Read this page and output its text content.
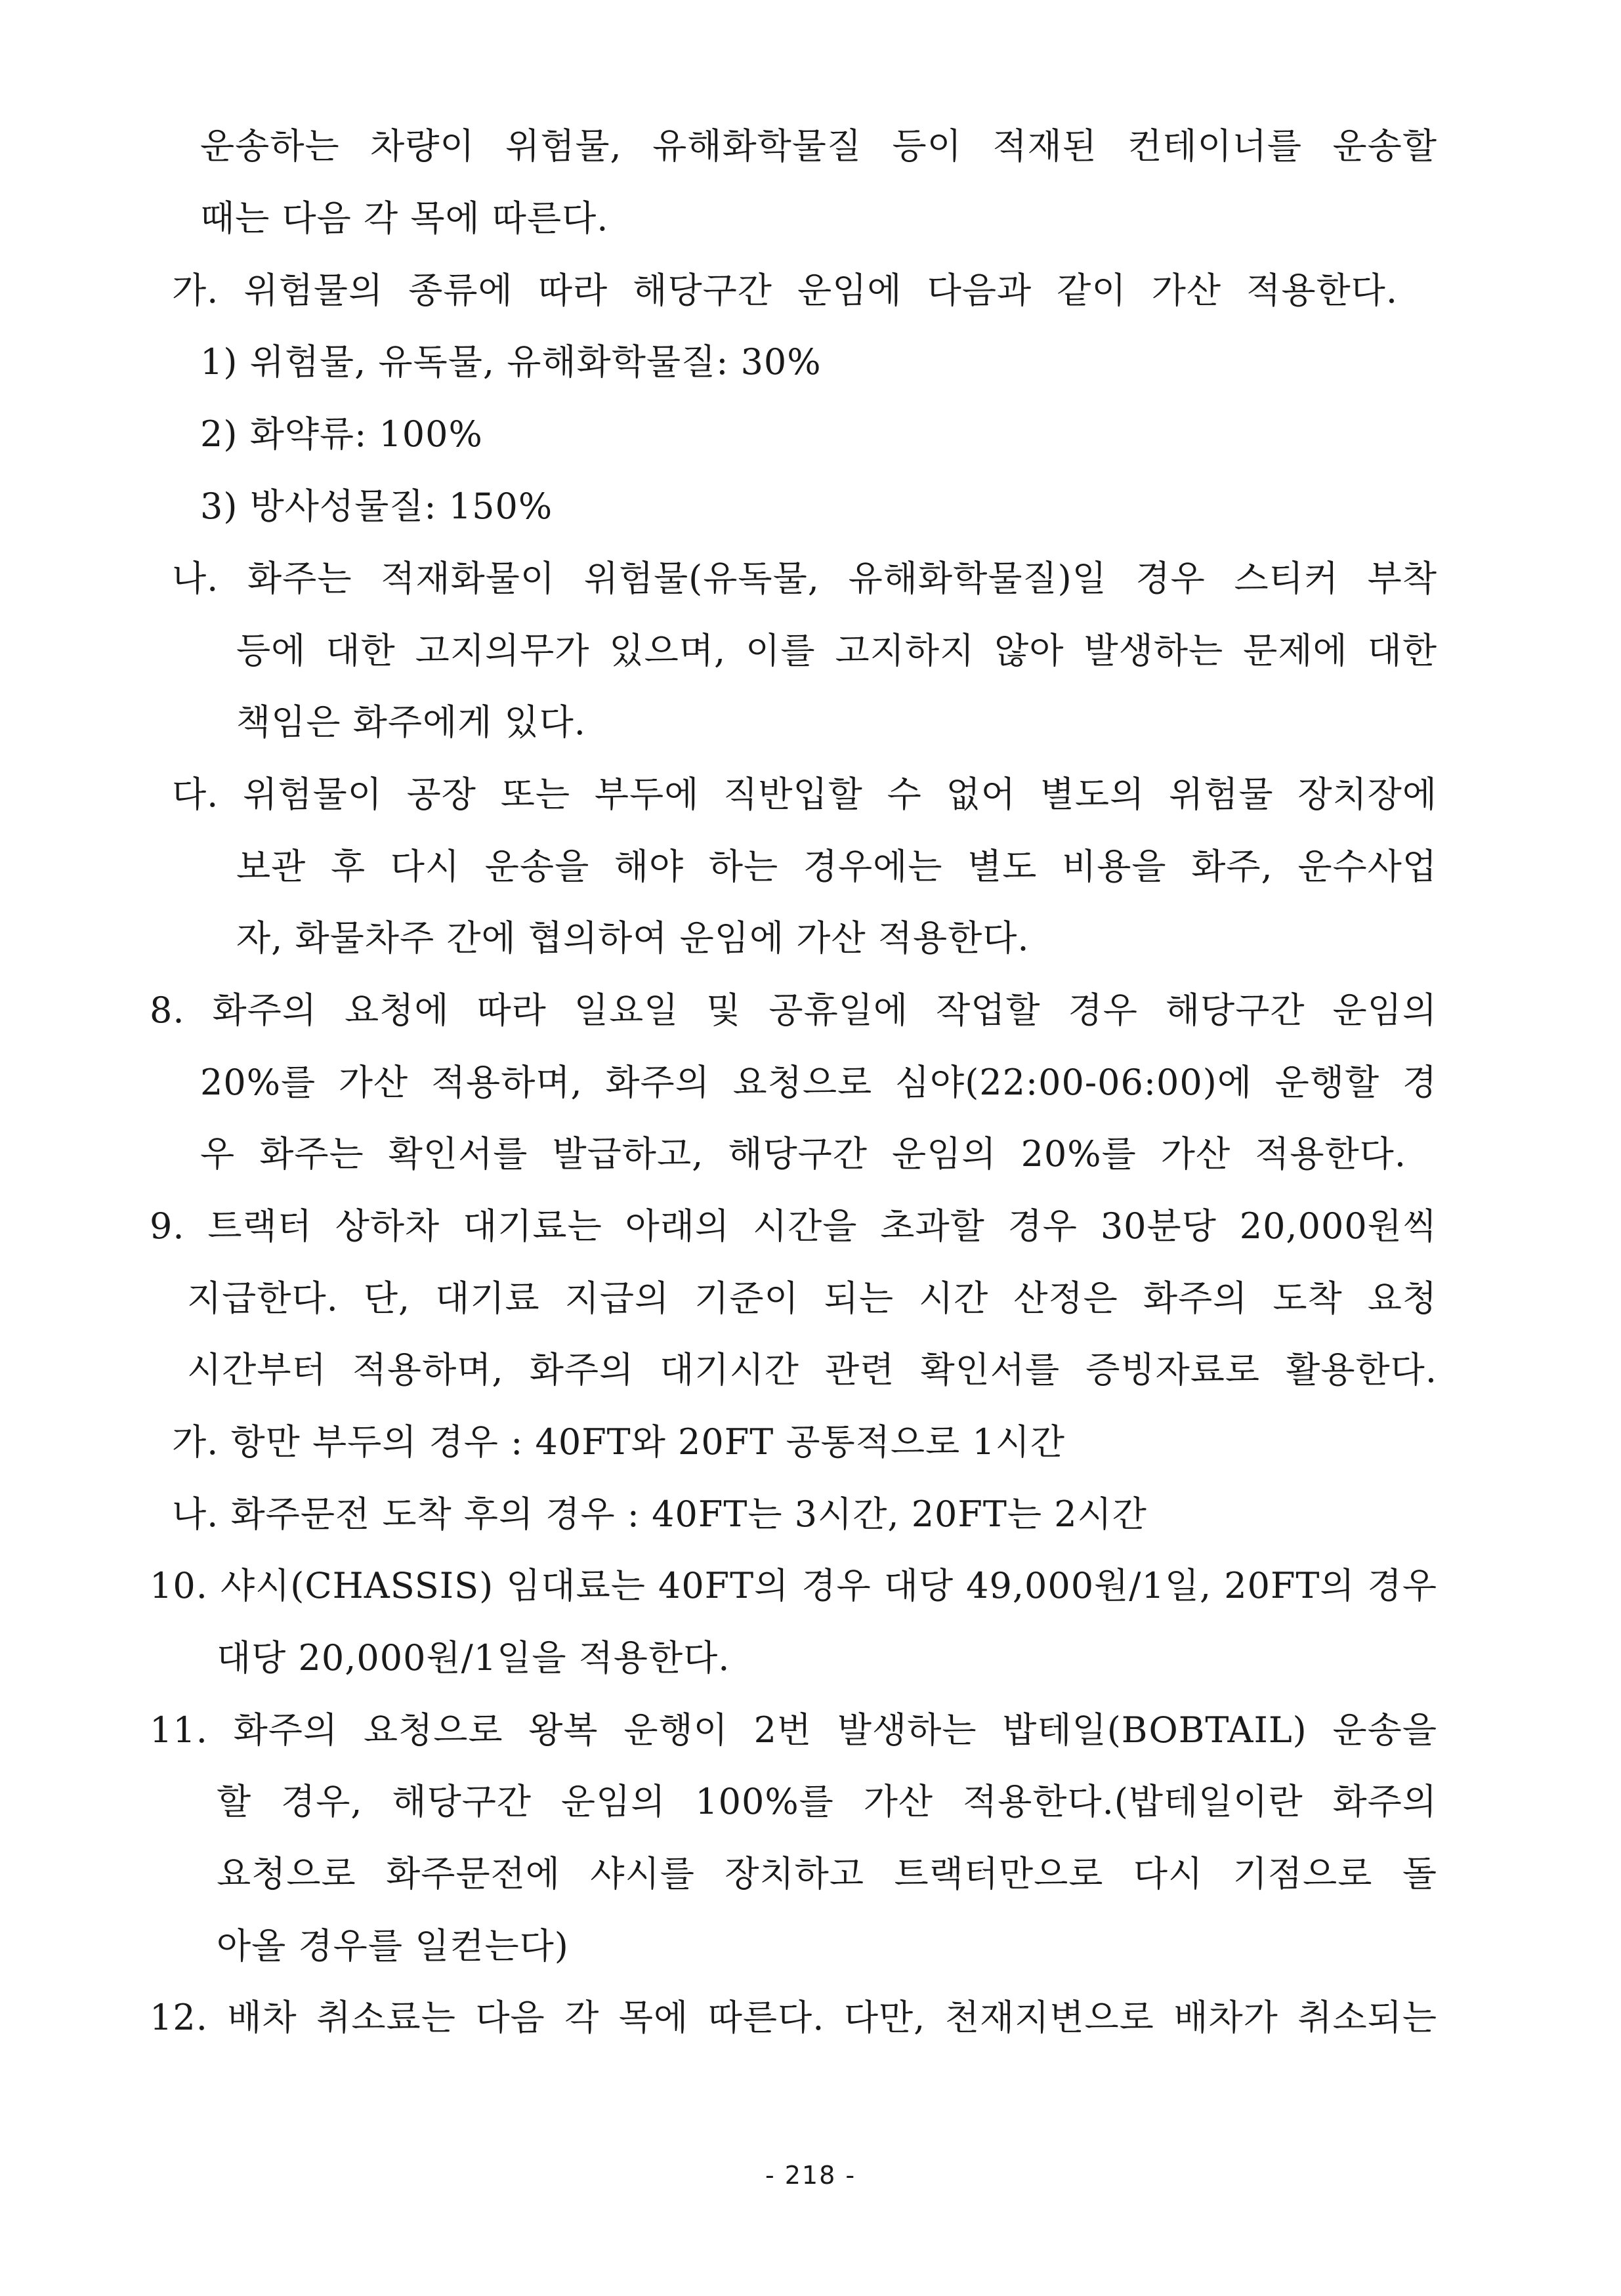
운송하는 차량이 위험물, 유해화학물질 등이 적재된 컨테이너를 운송할
때는 다음 각 목에 따른다.
가. 위험물의 종류에 따라 해당구간 운임에 다음과 같이 가산 적용한다.
1) 위험물, 유독물, 유해화학물질: 30%
2) 화약류: 100%
3) 방사성물질: 150%
나. 화주는 적재화물이 위험물(유독물, 유해화학물질)일 경우 스티커 부착
등에 대한 고지의무가 있으며, 이를 고지하지 않아 발생하는 문제에 대한
책임은 화주에게 있다.
다. 위험물이 공장 또는 부두에 직반입할 수 없어 별도의 위험물 장치장에
보관 후 다시 운송을 해야 하는 경우에는 별도 비용을 화주, 운수사업
자, 화물차주 간에 협의하여 운임에 가산 적용한다.
8. 화주의 요청에 따라 일요일 및 공휴일에 작업할 경우 해당구간 운임의
20%를 가산 적용하며, 화주의 요청으로 심야(22:00-06:00)에 운행할 경
우 화주는 확인서를 발급하고, 해당구간 운임의 20%를 가산 적용한다.
9. 트랙터 상하차 대기료는 아래의 시간을 초과할 경우 30분당 20,000원씩
지급한다. 단, 대기료 지급의 기준이 되는 시간 산정은 화주의 도착 요청
시간부터 적용하며, 화주의 대기시간 관련 확인서를 증빙자료로 활용한다.
가. 항만 부두의 경우 : 40FT와 20FT 공통적으로 1시간
나. 화주문전 도착 후의 경우 : 40FT는 3시간, 20FT는 2시간
10. 샤시(CHASSIS) 임대료는 40FT의 경우 대당 49,000원/1일, 20FT의 경우
대당 20,000원/1일을 적용한다.
11. 화주의 요청으로 왕복 운행이 2번 발생하는 밥테일(BOBTAIL) 운송을
할 경우, 해당구간 운임의 100%를 가산 적용한다.(밥테일이란 화주의
요청으로 화주문전에 샤시를 장치하고 트랙터만으로 다시 기점으로 돌
아올 경우를 일컫는다)
12. 배차 취소료는 다음 각 목에 따른다. 다만, 천재지변으로 배차가 취소되는
- 218 -
